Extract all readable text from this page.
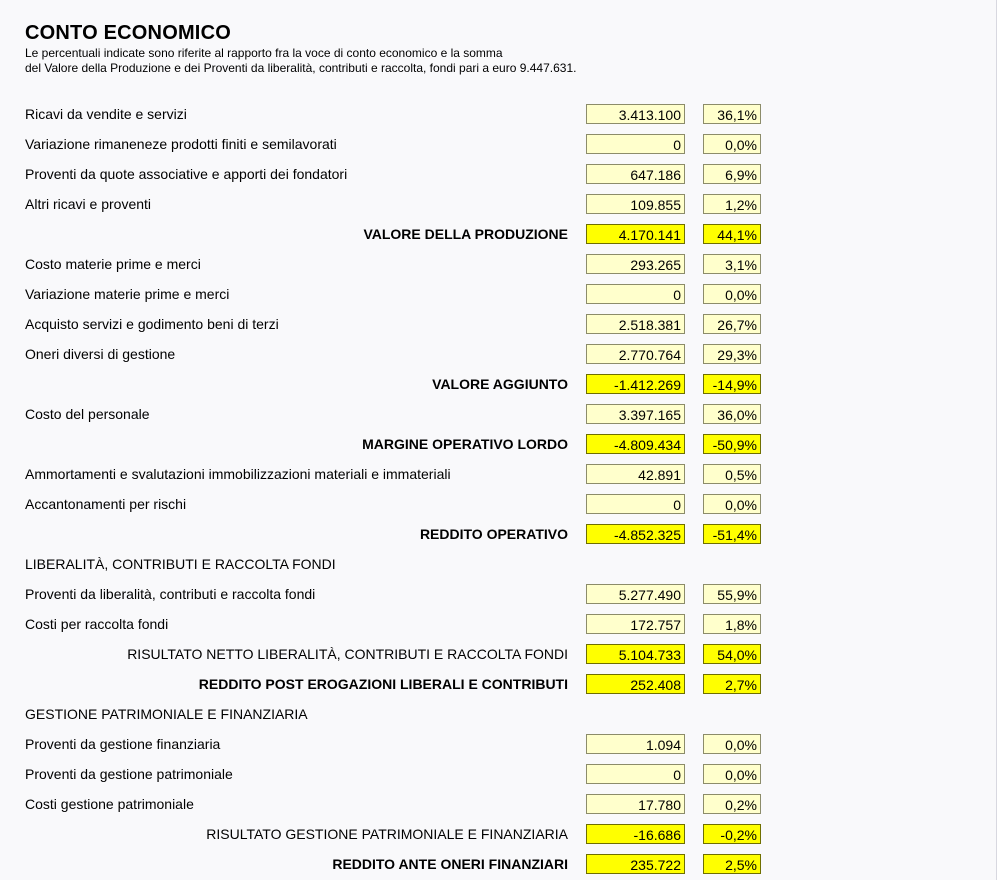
CONTO ECONOMICO
Le percentuali indicate sono riferite al rapporto fra la voce di conto economico e la somma
del Valore della Produzione e dei Proventi da liberalità, contributi e raccolta, fondi pari a euro 9.447.631.
Ricavi da vendite e servizi	3.413.100	36,1%
Variazione rimaneneze prodotti finiti e semilavorati	0	0,0%
Proventi da quote associative e apporti dei fondatori	647.186	6,9%
Altri ricavi e proventi	109.855	1,2%
VALORE DELLA PRODUZIONE	4.170.141	44,1%
Costo materie prime e merci	293.265	3,1%
Variazione materie prime e merci	0	0,0%
Acquisto servizi e godimento beni di terzi	2.518.381	26,7%
Oneri diversi di gestione	2.770.764	29,3%
VALORE AGGIUNTO	-1.412.269	-14,9%
Costo del personale	3.397.165	36,0%
MARGINE OPERATIVO LORDO	-4.809.434	-50,9%
Ammortamenti e svalutazioni immobilizzazioni materiali e immateriali	42.891	0,5%
Accantonamenti per rischi	0	0,0%
REDDITO OPERATIVO	-4.852.325	-51,4%
LIBERALITÀ, CONTRIBUTI E RACCOLTA FONDI
Proventi da liberalità, contributi e raccolta fondi	5.277.490	55,9%
Costi per raccolta fondi	172.757	1,8%
RISULTATO NETTO LIBERALITÀ, CONTRIBUTI E RACCOLTA FONDI	5.104.733	54,0%
REDDITO POST EROGAZIONI LIBERALI E CONTRIBUTI	252.408	2,7%
GESTIONE PATRIMONIALE E FINANZIARIA
Proventi da gestione finanziaria	1.094	0,0%
Proventi da gestione patrimoniale	0	0,0%
Costi gestione patrimoniale	17.780	0,2%
RISULTATO GESTIONE PATRIMONIALE E FINANZIARIA	-16.686	-0,2%
REDDITO ANTE ONERI FINANZIARI	235.722	2,5%
